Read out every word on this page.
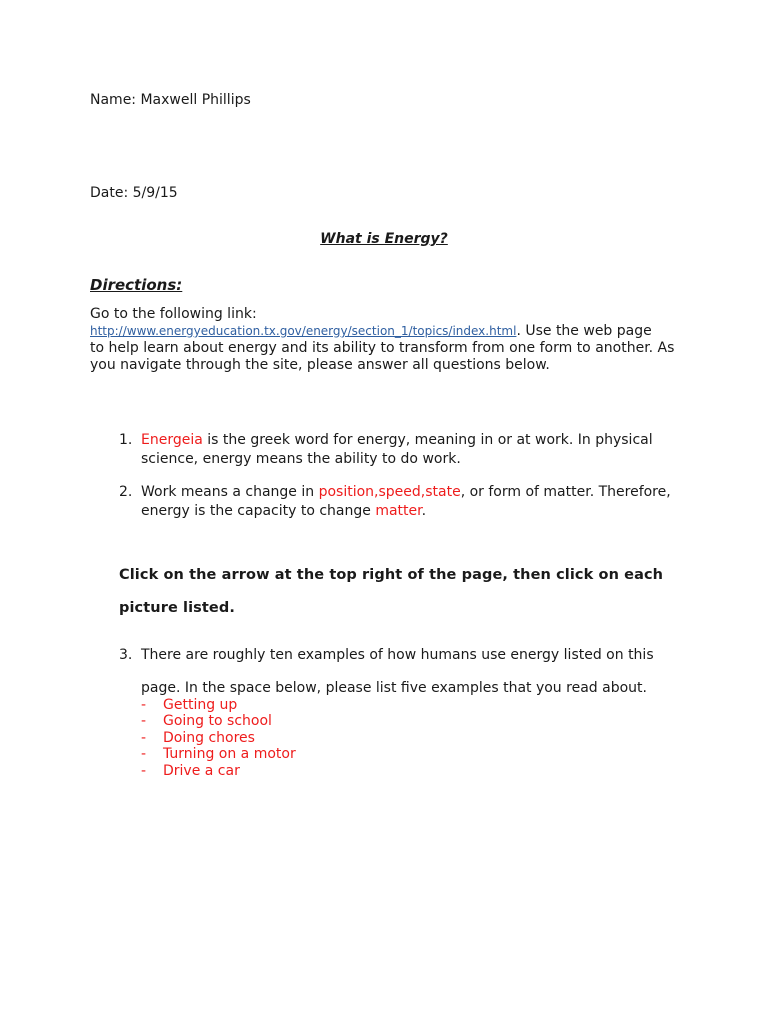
Name: Maxwell Phillips
Date: 5/9/15
What is Energy?
Directions:
Go to the following link:
http://www.energyeducation.tx.gov/energy/section_1/topics/index.html. Use the web page
to help learn about energy and its ability to transform from one form to another. As
you navigate through the site, please answer all questions below.
1. Energeia is the greek word for energy, meaning in or at work. In physical
science, energy means the ability to do work.
2. Work means a change in position,speed,state, or form of matter. Therefore,
energy is the capacity to change matter.
Click on the arrow at the top right of the page, then click on each
picture listed.
3. There are roughly ten examples of how humans use energy listed on this
page. In the space below, please list five examples that you read about.
- Getting up
- Going to school
- Doing chores
- Turning on a motor
- Drive a car
